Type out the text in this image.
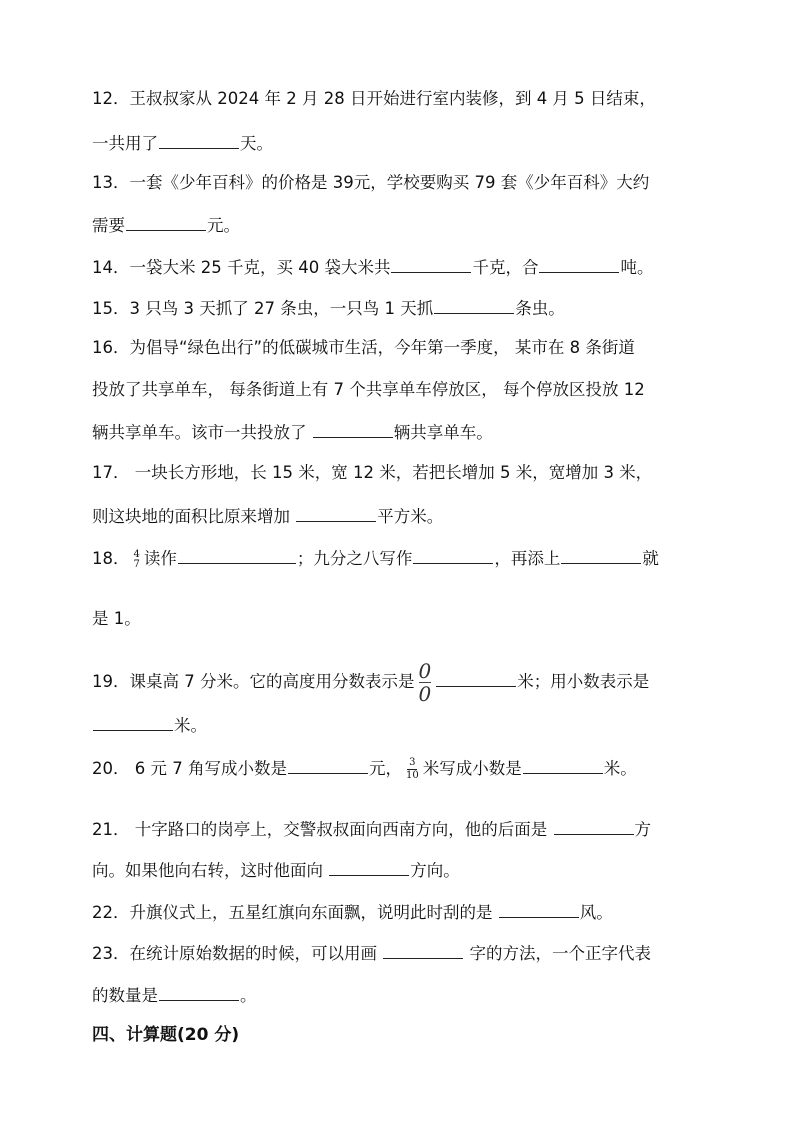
12．王叔叔家从 2024 年 2 月 28 日开始进行室内装修，到 4 月 5 日结束，
一共用了	天。
13．一套《少年百科》的价格是 39元，学校要购买 79 套《少年百科》大约
需要	元。
14．一袋大米 25 千克，买 40 袋大米共	千克，合	吨。
15．3 只鸟 3 天抓了 27 条虫，一只鸟 1 天抓	条虫。
16．为倡导“绿色出行”的低碳城市生活，今年第一季度， 某市在 8 条街道
投放了共享单车， 每条街道上有 7 个共享单车停放区， 每个停放区投放 12
辆共享单车。该市一共投放了	辆共享单车。
17． 一块长方形地，长 15 米，宽 12 米，若把长增加 5 米，宽增加 3 米，
则这块地的面积比原来增加	平方米。
18． 4
7 读作	；九分之八写作	，再添上	就
是 1。
19．课桌高 7 分米。它的高度用分数表示是 $\frac{0}{0}$	米；用小数表示是
米。
20． 6 元 7 角写成小数是	元， $\frac{3}{10}$ 米写成小数是	米。
21． 十字路口的岗亭上，交警叔叔面向西南方向，他的后面是	方
向。如果他向右转，这时他面向	方向。
22．升旗仪式上，五星红旗向东面飘，说明此时刮的是	风。
23．在统计原始数据的时候，可以用画	字的方法，一个正字代表
的数量是	。
四、计算题(20 分)
